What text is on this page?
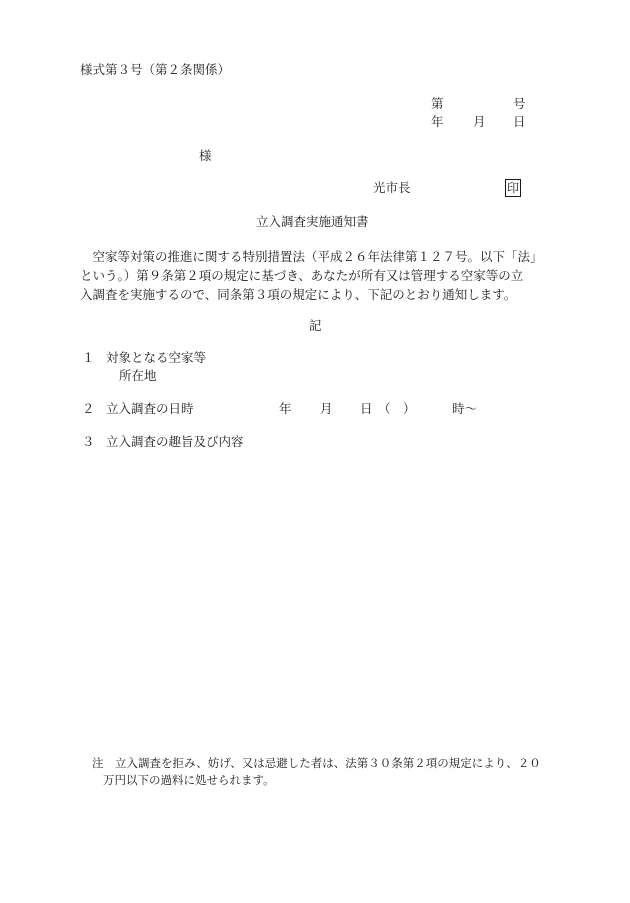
様式第３号（第２条関係）
第	号
年 月 日
様
光市長	印
立入調査実施通知書
　空家等対策の推進に関する特別措置法（平成２６年法律第１２７号。以下「法」
という。）第９条第２項の規定に基づき、あなたが所有又は管理する空家等の立
入調査を実施するので、同条第３項の規定により、下記のとおり通知します。
記
１ 対象となる空家等
所在地
２ 立入調査の日時	年 月 日 （　）	時～
３ 立入調査の趣旨及び内容
注　立入調査を拒み、妨げ、又は忌避した者は、法第３０条第２項の規定により、２０
万円以下の過料に処せられます。
